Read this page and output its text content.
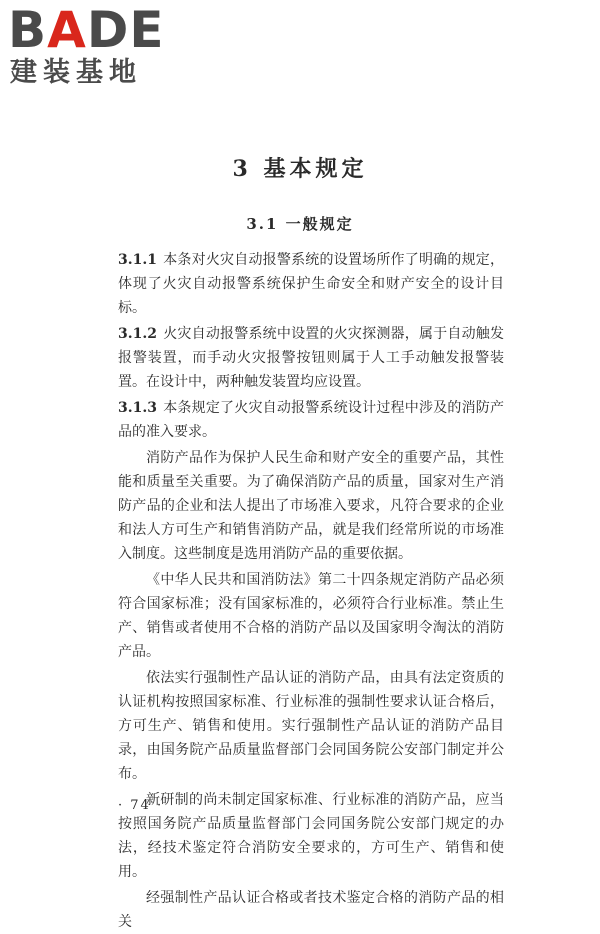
BADE
建装基地
3 基本规定
3.1 一般规定

3.1.1 本条对火灾自动报警系统的设置场所作了明确的规定，体现了火灾自动报警系统保护生命安全和财产安全的设计目标。

3.1.2 火灾自动报警系统中设置的火灾探测器，属于自动触发报警装置，而手动火灾报警按钮则属于人工手动触发报警装置。在设计中，两种触发装置均应设置。

3.1.3 本条规定了火灾自动报警系统设计过程中涉及的消防产品的准入要求。

消防产品作为保护人民生命和财产安全的重要产品，其性能和质量至关重要。为了确保消防产品的质量，国家对生产消防产品的企业和法人提出了市场准入要求，凡符合要求的企业和法人方可生产和销售消防产品，就是我们经常所说的市场准入制度。这些制度是选用消防产品的重要依据。

《中华人民共和国消防法》第二十四条规定消防产品必须符合国家标准；没有国家标准的，必须符合行业标准。禁止生产、销售或者使用不合格的消防产品以及国家明令淘汰的消防产品。

依法实行强制性产品认证的消防产品，由具有法定资质的认证机构按照国家标准、行业标准的强制性要求认证合格后，方可生产、销售和使用。实行强制性产品认证的消防产品目录，由国务院产品质量监督部门会同国务院公安部门制定并公布。

新研制的尚未制定国家标准、行业标准的消防产品，应当按照国务院产品质量监督部门会同国务院公安部门规定的办法，经技术鉴定符合消防安全要求的，方可生产、销售和使用。

经强制性产品认证合格或者技术鉴定合格的消防产品的相关

· 74 ·
